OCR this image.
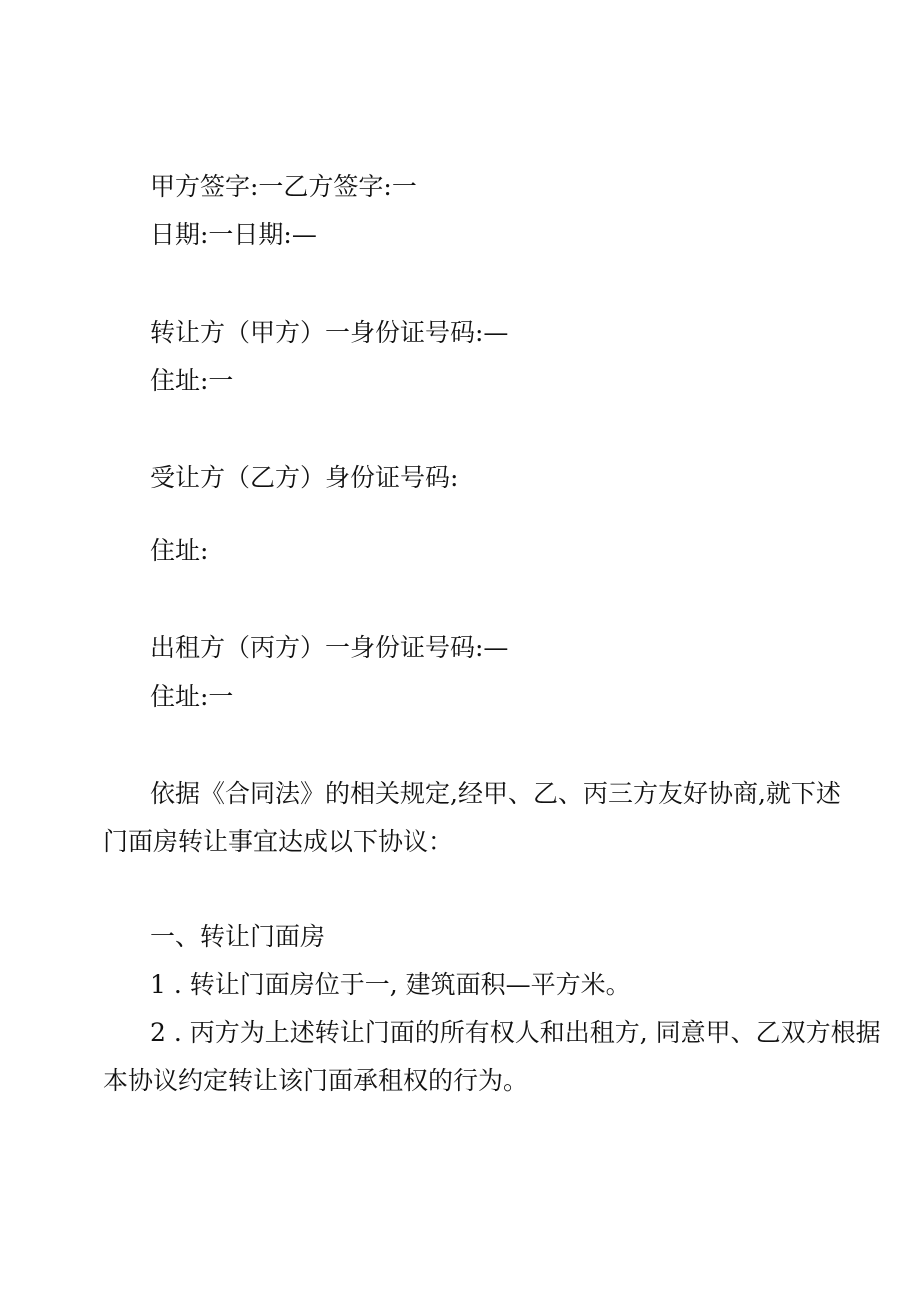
甲方签字:一乙方签字:一

日期:一日期:—

转让方（甲方）一身份证号码:—

住址:一

受让方（乙方）身份证号码:

住址:

出租方（丙方）一身份证号码:—

住址:一

依据《合同法》的相关规定,经甲、乙、丙三方友好协商,就下述

门面房转让事宜达成以下协议：

一、转让门面房

1 . 转让门面房位于一, 建筑面积—平方米。

2 . 丙方为上述转让门面的所有权人和出租方, 同意甲、乙双方根据

本协议约定转让该门面承租权的行为。
